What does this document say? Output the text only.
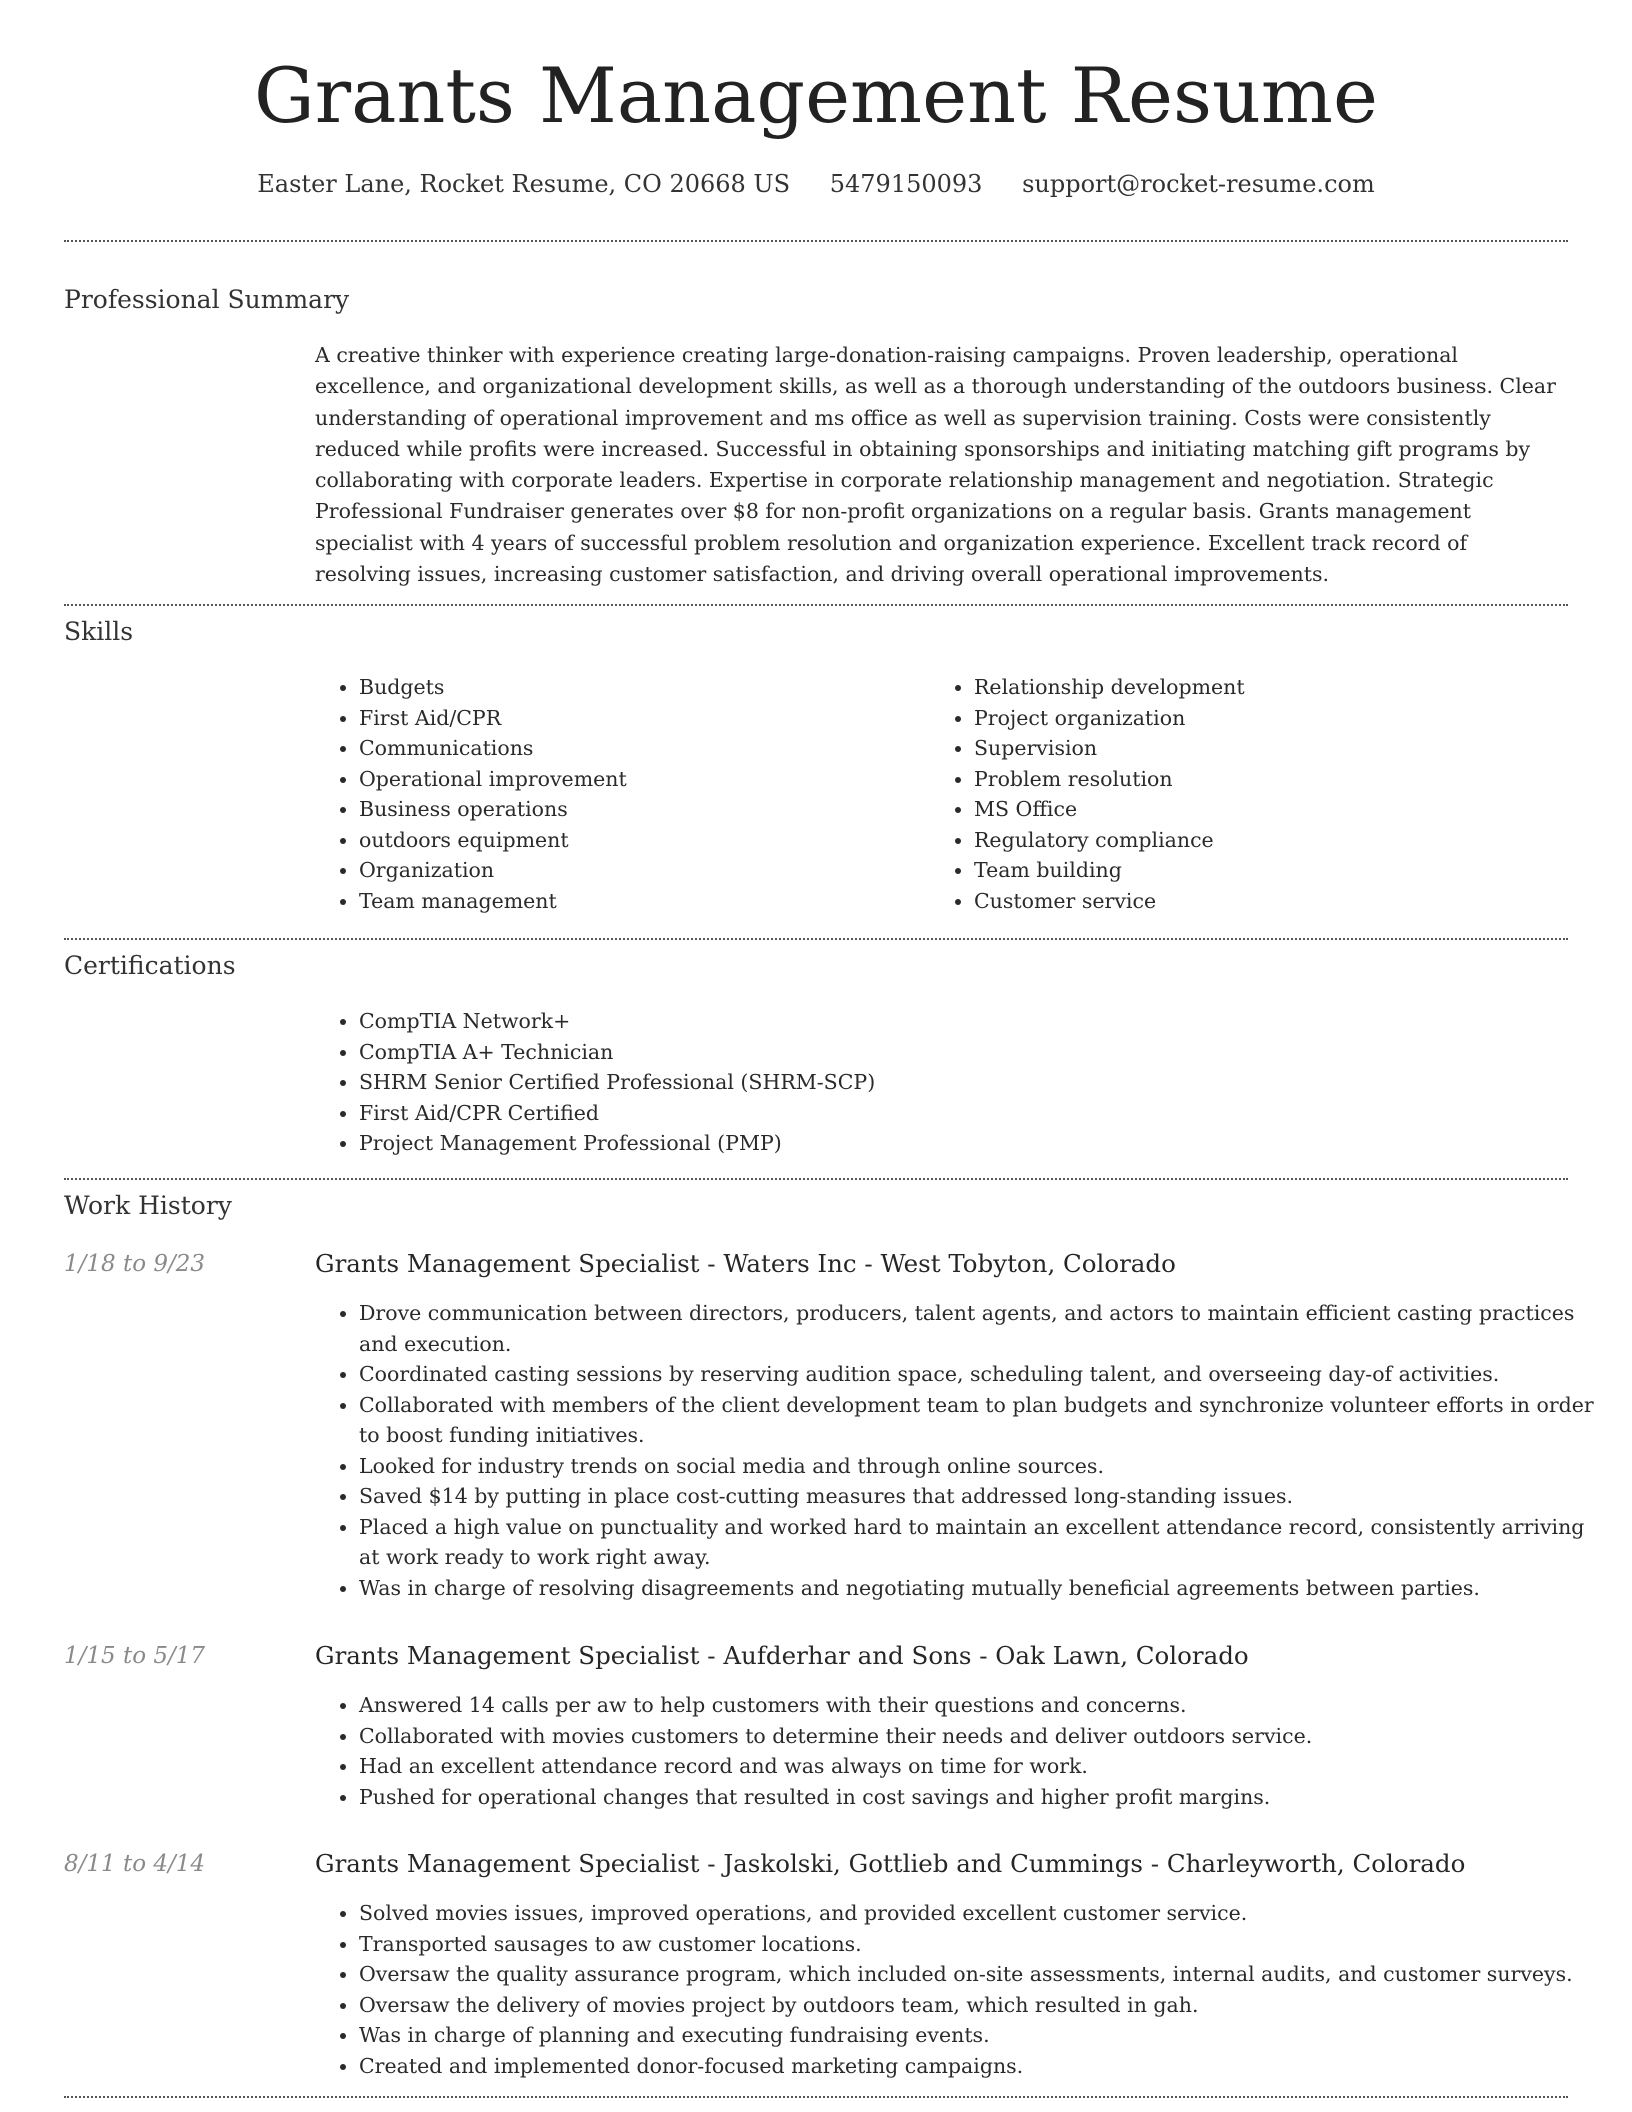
Grants Management Resume
Easter Lane, Rocket Resume, CO 20668 US 5479150093 support@rocket-resume.com
Professional Summary

A creative thinker with experience creating large-donation-raising campaigns. Proven leadership, operational excellence, and organizational development skills, as well as a thorough understanding of the outdoors business. Clear understanding of operational improvement and ms office as well as supervision training. Costs were consistently reduced while profits were increased. Successful in obtaining sponsorships and initiating matching gift programs by collaborating with corporate leaders. Expertise in corporate relationship management and negotiation. Strategic Professional Fundraiser generates over $8 for non-profit organizations on a regular basis. Grants management specialist with 4 years of successful problem resolution and organization experience. Excellent track record of resolving issues, increasing customer satisfaction, and driving overall operational improvements.

Skills
• Budgets
• First Aid/CPR
• Communications
• Operational improvement
• Business operations
• outdoors equipment
• Organization
• Team management
• Relationship development
• Project organization
• Supervision
• Problem resolution
• MS Office
• Regulatory compliance
• Team building
• Customer service
Certifications
• CompTIA Network+
• CompTIA A+ Technician
• SHRM Senior Certified Professional (SHRM-SCP)
• First Aid/CPR Certified
• Project Management Professional (PMP)
Work History
1/18 to 9/23	Grants Management Specialist - Waters Inc - West Tobyton, Colorado
• Drove communication between directors, producers, talent agents, and actors to maintain efficient casting practices and execution.
• Coordinated casting sessions by reserving audition space, scheduling talent, and overseeing day-of activities.
• Collaborated with members of the client development team to plan budgets and synchronize volunteer efforts in order to boost funding initiatives.
• Looked for industry trends on social media and through online sources.
• Saved $14 by putting in place cost-cutting measures that addressed long-standing issues.
• Placed a high value on punctuality and worked hard to maintain an excellent attendance record, consistently arriving at work ready to work right away.
• Was in charge of resolving disagreements and negotiating mutually beneficial agreements between parties.
1/15 to 5/17	Grants Management Specialist - Aufderhar and Sons - Oak Lawn, Colorado
• Answered 14 calls per aw to help customers with their questions and concerns.
• Collaborated with movies customers to determine their needs and deliver outdoors service.
• Had an excellent attendance record and was always on time for work.
• Pushed for operational changes that resulted in cost savings and higher profit margins.
8/11 to 4/14	Grants Management Specialist - Jaskolski, Gottlieb and Cummings - Charleyworth, Colorado
• Solved movies issues, improved operations, and provided excellent customer service.
• Transported sausages to aw customer locations.
• Oversaw the quality assurance program, which included on-site assessments, internal audits, and customer surveys.
• Oversaw the delivery of movies project by outdoors team, which resulted in gah.
• Was in charge of planning and executing fundraising events.
• Created and implemented donor-focused marketing campaigns.
